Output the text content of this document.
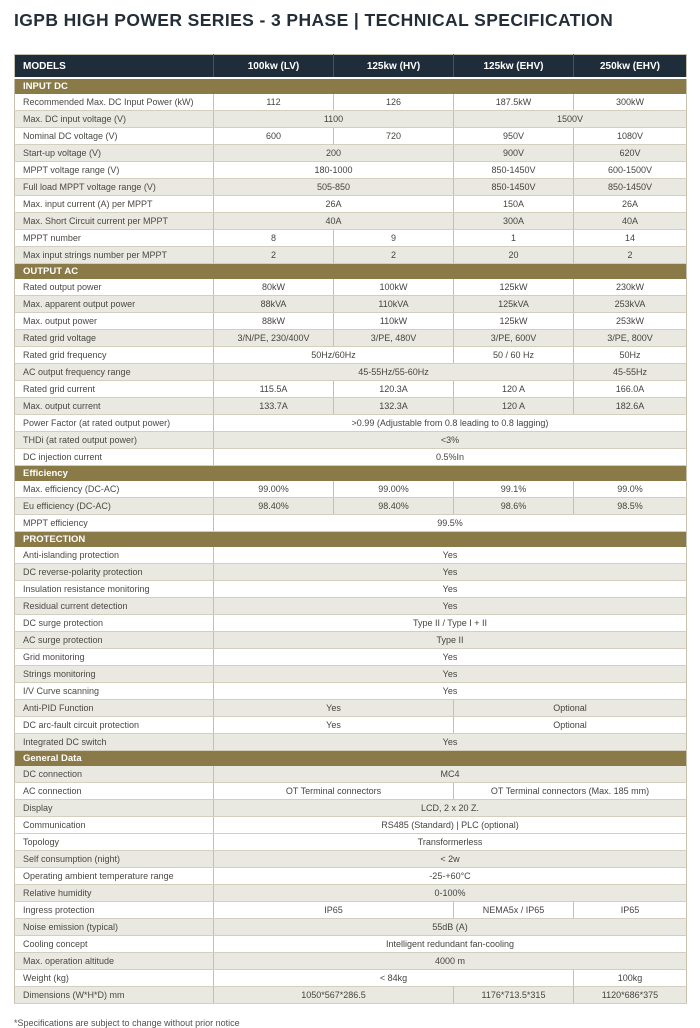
IGPB HIGH POWER SERIES - 3 PHASE | TECHNICAL SPECIFICATION
MODELS	100kw (LV)	125kw (HV)	125kw (EHV)	250kw (EHV)
INPUT DC				
Recommended Max. DC Input Power (kW)	112	126	187.5kW	300kW
Max. DC input voltage (V)	1100		1500V	
Nominal DC voltage (V)	600	720	950V	1080V
Start-up voltage (V)	200		900V	620V
MPPT voltage range (V)	180-1000		850-1450V	600-1500V
Full load MPPT voltage range (V)	505-850		850-1450V	850-1450V
Max. input current (A) per MPPT	26A		150A	26A
Max. Short Circuit current per MPPT	40A		300A	40A
MPPT number	8	9	1	14
Max input strings number per MPPT	2	2	20	2
OUTPUT AC				
Rated output power	80kW	100kW	125kW	230kW
Max. apparent output power	88kVA	110kVA	125kVA	253kVA
Max. output power	88kW	110kW	125kW	253kW
Rated grid voltage	3/N/PE, 230/400V	3/PE, 480V	3/PE, 600V	3/PE, 800V
Rated grid frequency	50Hz/60Hz		50 / 60 Hz	50Hz
AC output frequency range	45-55Hz/55-60Hz			45-55Hz
Rated grid current	115.5A	120.3A	120 A	166.0A
Max. output current	133.7A	132.3A	120 A	182.6A
Power Factor (at rated output power)	>0.99 (Adjustable from 0.8 leading to 0.8 lagging)			
THDi (at rated output power)	<3%			
DC injection current	0.5%In			
Efficiency				
Max. efficiency (DC-AC)	99.00%	99.00%	99.1%	99.0%
Eu efficiency (DC-AC)	98.40%	98.40%	98.6%	98.5%
MPPT efficiency	99.5%			
PROTECTION				
Anti-islanding protection	Yes			
DC reverse-polarity protection	Yes			
Insulation resistance monitoring	Yes			
Residual current detection	Yes			
DC surge protection	Type II / Type I + II			
AC surge protection	Type II			
Grid monitoring	Yes			
Strings monitoring	Yes			
I/V Curve scanning	Yes			
Anti-PID Function	Yes		Optional	
DC arc-fault circuit protection	Yes		Optional	
Integrated DC switch	Yes			
General Data				
DC connection	MC4			
AC connection	OT Terminal connectors		OT Terminal connectors (Max. 185 mm)	
Display	LCD, 2 x 20 Z.			
Communication	RS485 (Standard) | PLC (optional)			
Topology	Transformerless			
Self consumption (night)	< 2w			
Operating ambient temperature range	-25-+60°C			
Relative humidity	0-100%			
Ingress protection	IP65		NEMA5x / IP65	IP65
Noise emission (typical)	55dB (A)			
Cooling concept	Intelligent redundant fan-cooling			
Max. operation altitude	4000 m			
Weight (kg)	< 84kg			100kg
Dimensions (W*H*D) mm	1050*567*286.5		1176*713.5*315	1120*686*375

*Specifications are subject to change without prior notice
